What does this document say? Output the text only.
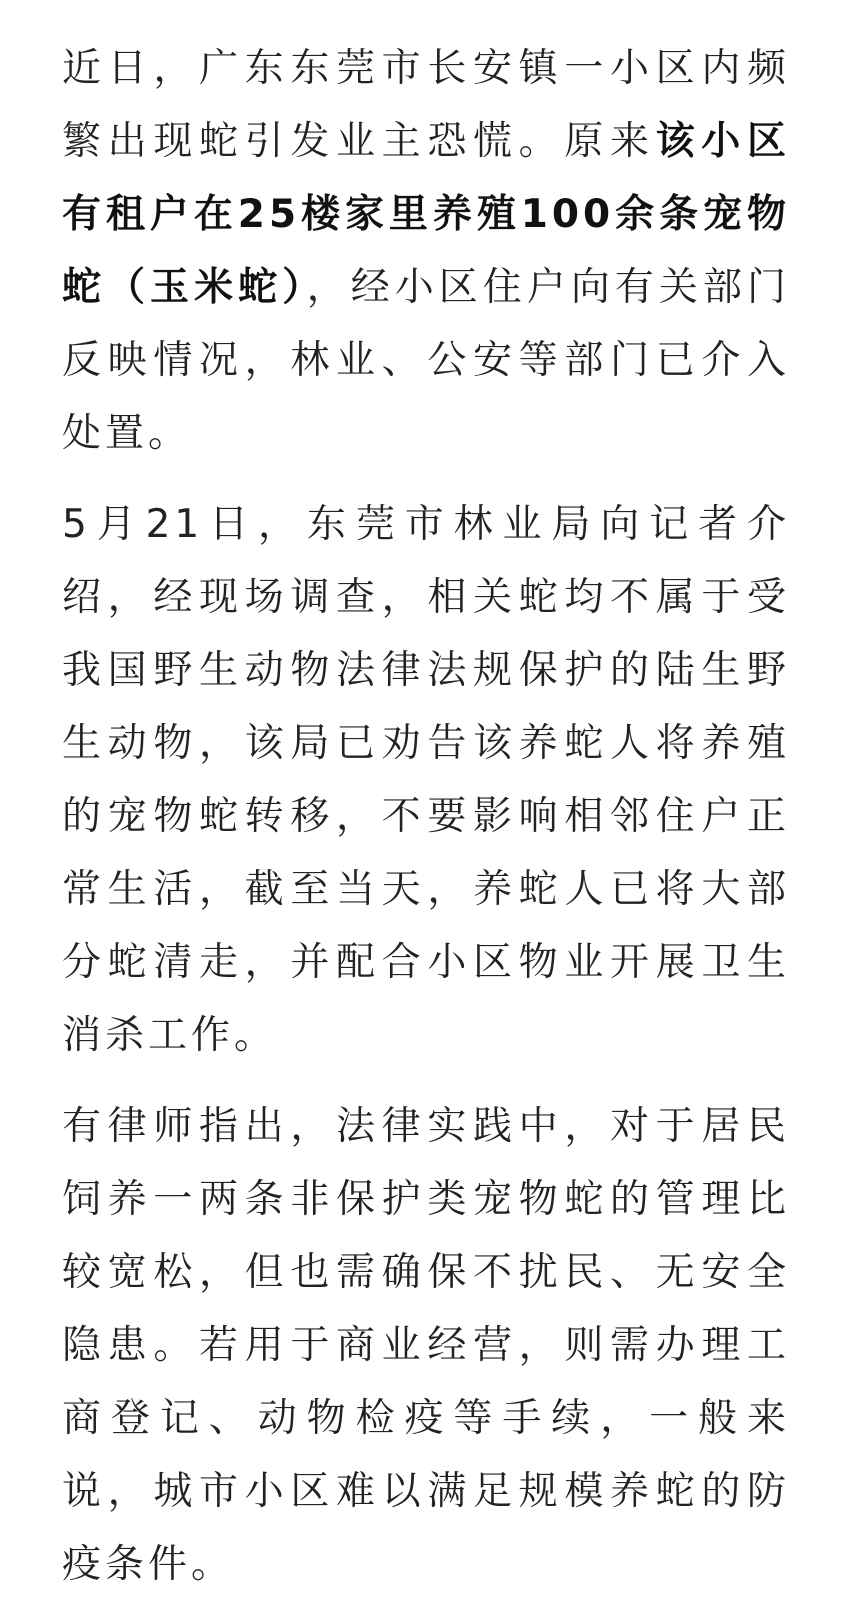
近日，广东东莞市长安镇一小区内频繁出现蛇引发业主恐慌。原来该小区有租户在25楼家里养殖100余条宠物蛇（玉米蛇），经小区住户向有关部门反映情况，林业、公安等部门已介入处置。

5月21日，东莞市林业局向记者介绍，经现场调查，相关蛇均不属于受我国野生动物法律法规保护的陆生野生动物，该局已劝告该养蛇人将养殖的宠物蛇转移，不要影响相邻住户正常生活，截至当天，养蛇人已将大部分蛇清走，并配合小区物业开展卫生消杀工作。

有律师指出，法律实践中，对于居民饲养一两条非保护类宠物蛇的管理比较宽松，但也需确保不扰民、无安全隐患。若用于商业经营，则需办理工商登记、动物检疫等手续，一般来说，城市小区难以满足规模养蛇的防疫条件。
